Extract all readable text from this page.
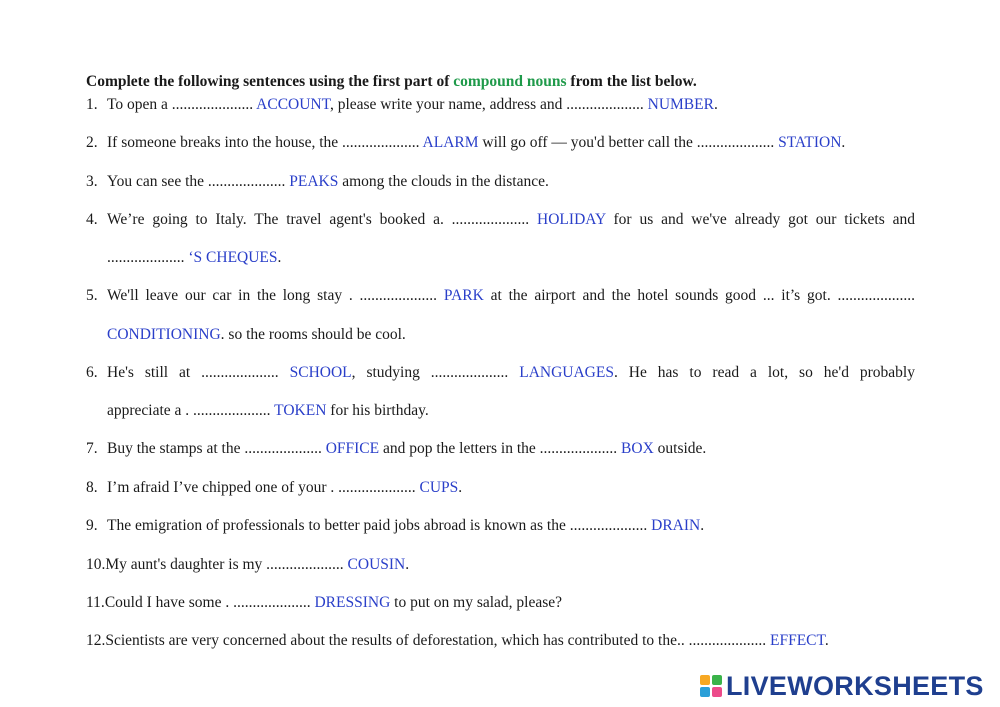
Complete the following sentences using the first part of compound nouns from the list below.
1. To open a ..................... ACCOUNT, please write your name, address and .................... NUMBER.
2. If someone breaks into the house, the .................... ALARM will go off — you'd better call the .................... STATION.
3. You can see the .................... PEAKS among the clouds in the distance.
4. We’re going to Italy. The travel agent's booked a. .................... HOLIDAY for us and we've already got our tickets and
.................... ‘S CHEQUES.
5. We'll leave our car in the long stay . .................... PARK at the airport and the hotel sounds good ... it’s got. ....................
CONDITIONING. so the rooms should be cool.
6. He's still at .................... SCHOOL, studying .................... LANGUAGES. He has to read a lot, so he'd probably
appreciate a . .................... TOKEN for his birthday.
7. Buy the stamps at the .................... OFFICE and pop the letters in the .................... BOX outside.
8. I’m afraid I’ve chipped one of your . .................... CUPS.
9. The emigration of professionals to better paid jobs abroad is known as the .................... DRAIN.
10.My aunt's daughter is my .................... COUSIN.
11.Could I have some . .................... DRESSING to put on my salad, please?
12.Scientists are very concerned about the results of deforestation, which has contributed to the.. .................... EFFECT.
LIVEWORKSHEETS
